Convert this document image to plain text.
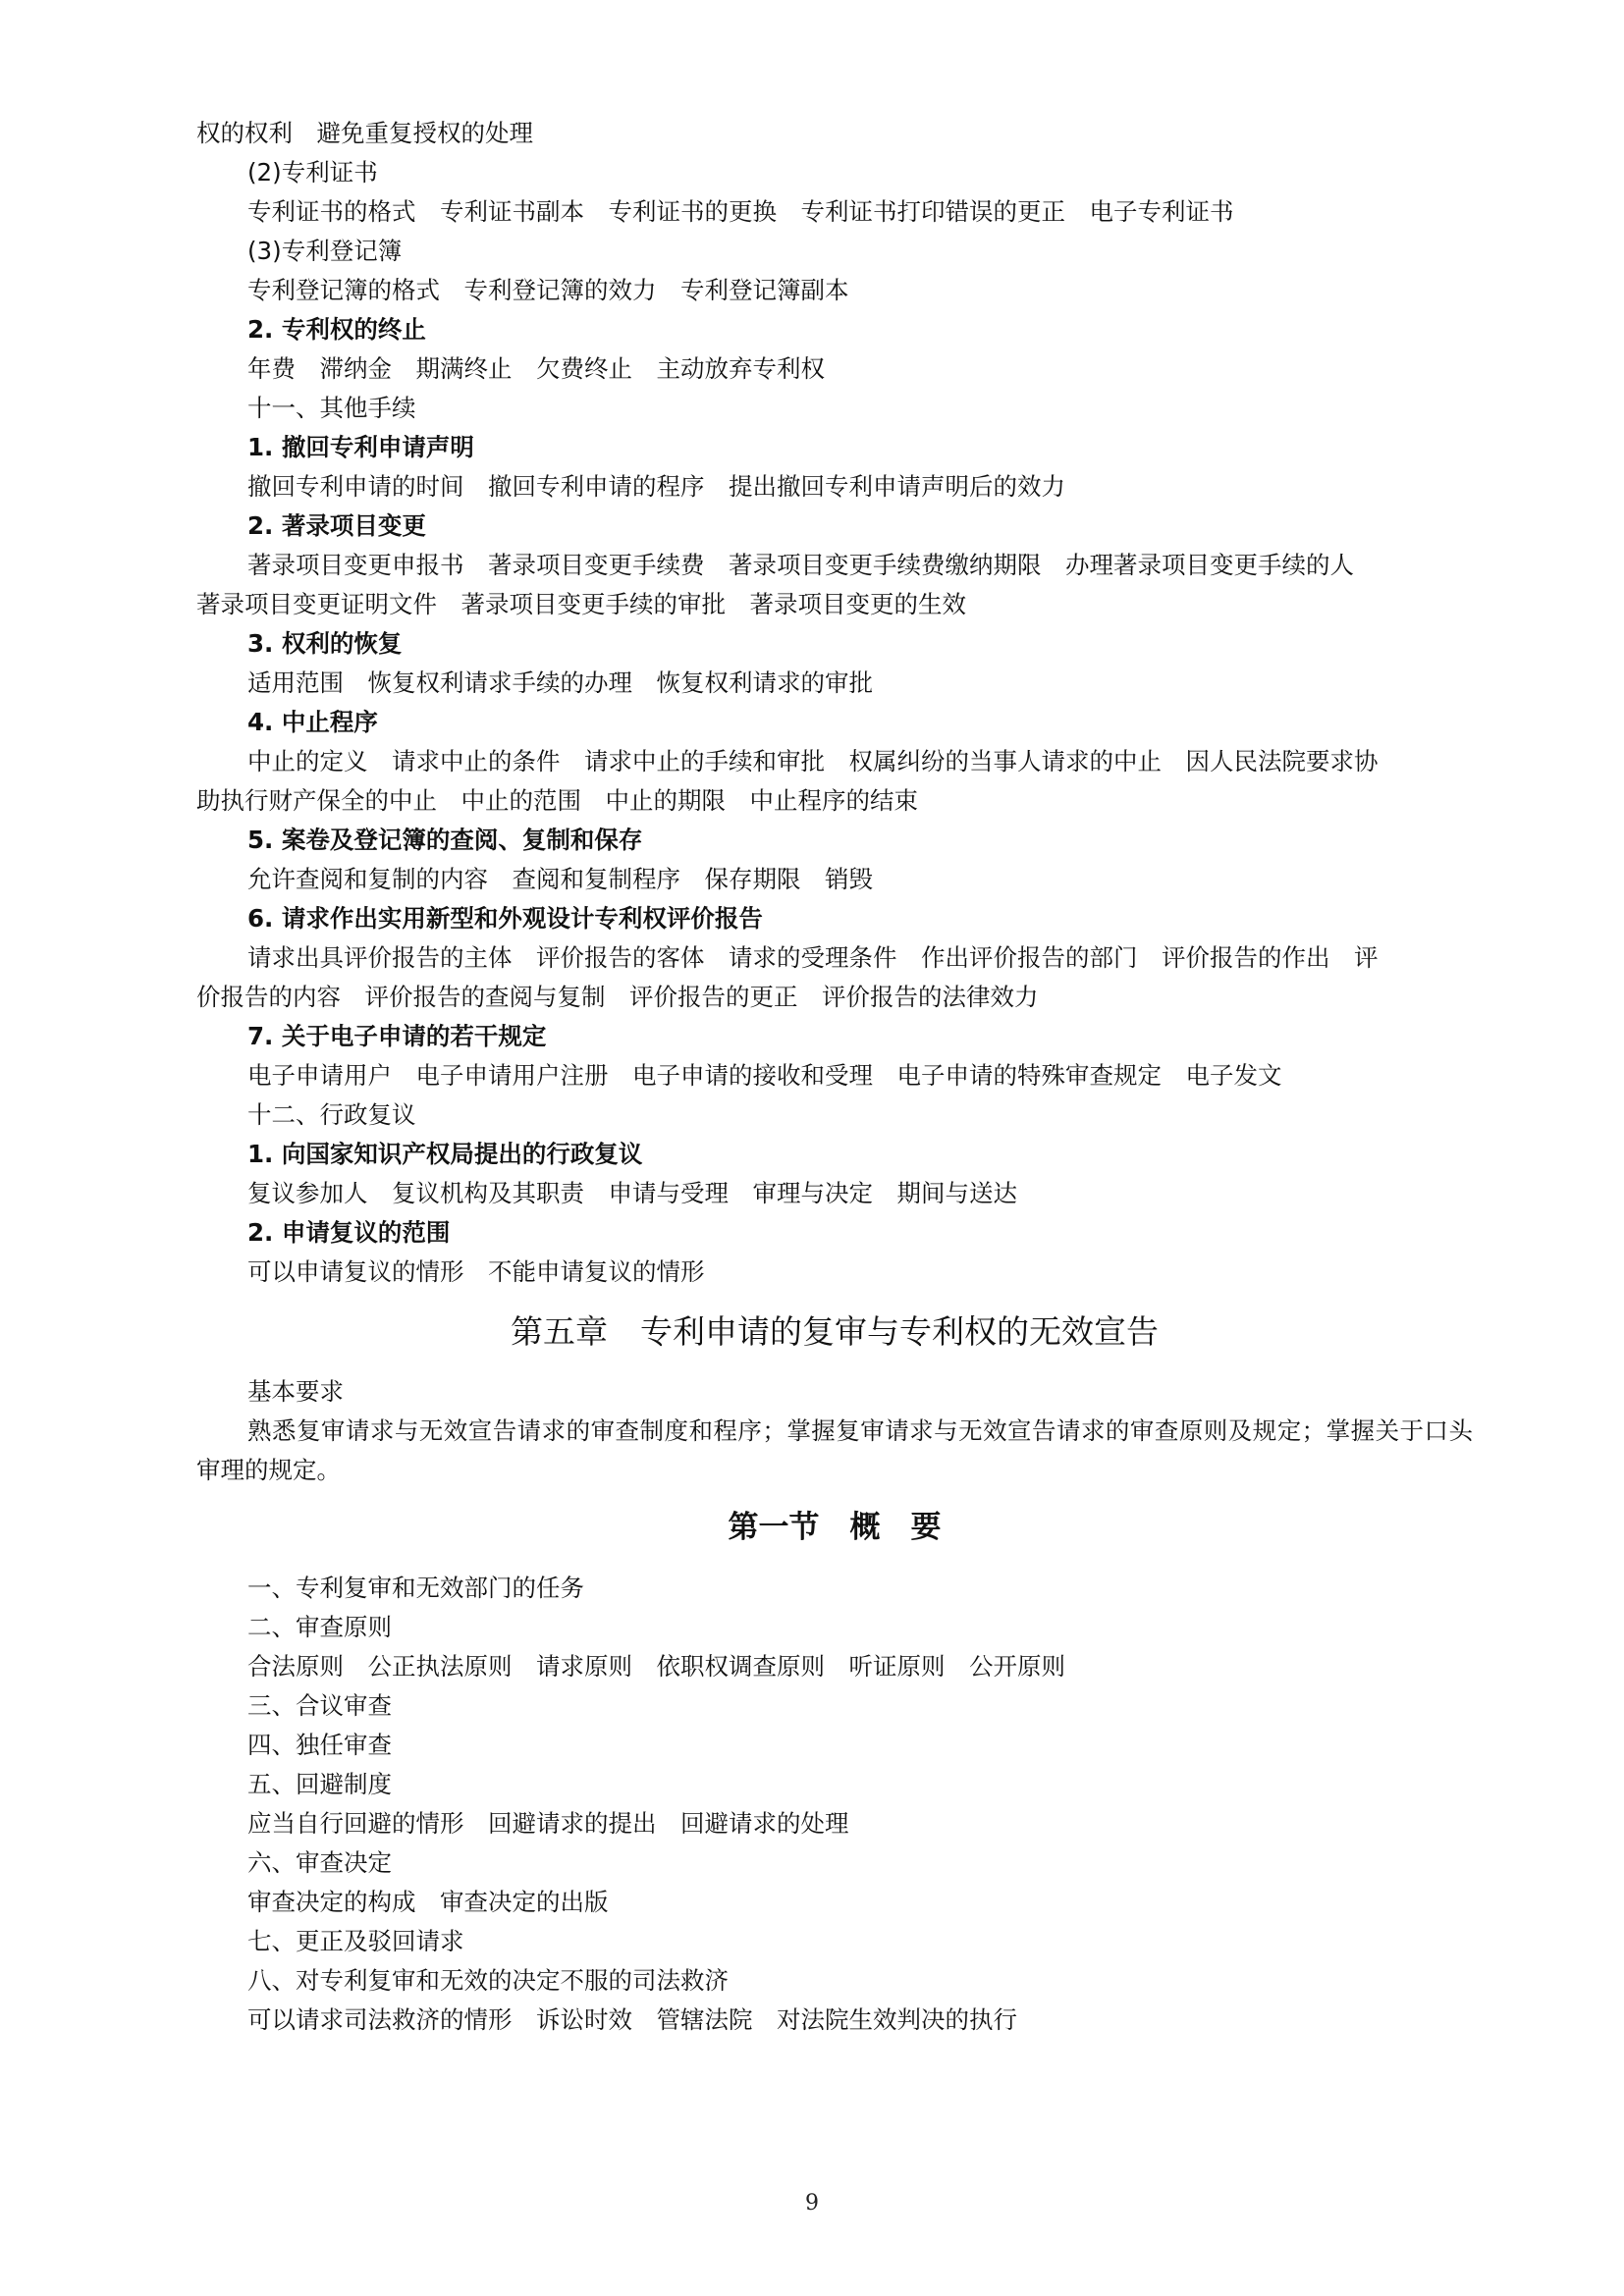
权的权利　避免重复授权的处理
(2)专利证书
专利证书的格式　专利证书副本　专利证书的更换　专利证书打印错误的更正　电子专利证书
(3)专利登记簿
专利登记簿的格式　专利登记簿的效力　专利登记簿副本
2. 专利权的终止
年费　滞纳金　期满终止　欠费终止　主动放弃专利权
十一、其他手续
1. 撤回专利申请声明
撤回专利申请的时间　撤回专利申请的程序　提出撤回专利申请声明后的效力
2. 著录项目变更
著录项目变更申报书　著录项目变更手续费　著录项目变更手续费缴纳期限　办理著录项目变更手续的人
著录项目变更证明文件　著录项目变更手续的审批　著录项目变更的生效
3. 权利的恢复
适用范围　恢复权利请求手续的办理　恢复权利请求的审批
4. 中止程序
中止的定义　请求中止的条件　请求中止的手续和审批　权属纠纷的当事人请求的中止　因人民法院要求协
助执行财产保全的中止　中止的范围　中止的期限　中止程序的结束
5. 案卷及登记簿的查阅、复制和保存
允许查阅和复制的内容　查阅和复制程序　保存期限　销毁
6. 请求作出实用新型和外观设计专利权评价报告
请求出具评价报告的主体　评价报告的客体　请求的受理条件　作出评价报告的部门　评价报告的作出　评
价报告的内容　评价报告的查阅与复制　评价报告的更正　评价报告的法律效力
7. 关于电子申请的若干规定
电子申请用户　电子申请用户注册　电子申请的接收和受理　电子申请的特殊审查规定　电子发文
十二、行政复议
1. 向国家知识产权局提出的行政复议
复议参加人　复议机构及其职责　申请与受理　审理与决定　期间与送达
2. 申请复议的范围
可以申请复议的情形　不能申请复议的情形
第五章　专利申请的复审与专利权的无效宣告
基本要求
熟悉复审请求与无效宣告请求的审查制度和程序；掌握复审请求与无效宣告请求的审查原则及规定；掌握关于口头审理的规定。
第一节　概　要
一、专利复审和无效部门的任务
二、审查原则
合法原则　公正执法原则　请求原则　依职权调查原则　听证原则　公开原则
三、合议审查
四、独任审查
五、回避制度
应当自行回避的情形　回避请求的提出　回避请求的处理
六、审查决定
审查决定的构成　审查决定的出版
七、更正及驳回请求
八、对专利复审和无效的决定不服的司法救济
可以请求司法救济的情形　诉讼时效　管辖法院　对法院生效判决的执行
9
